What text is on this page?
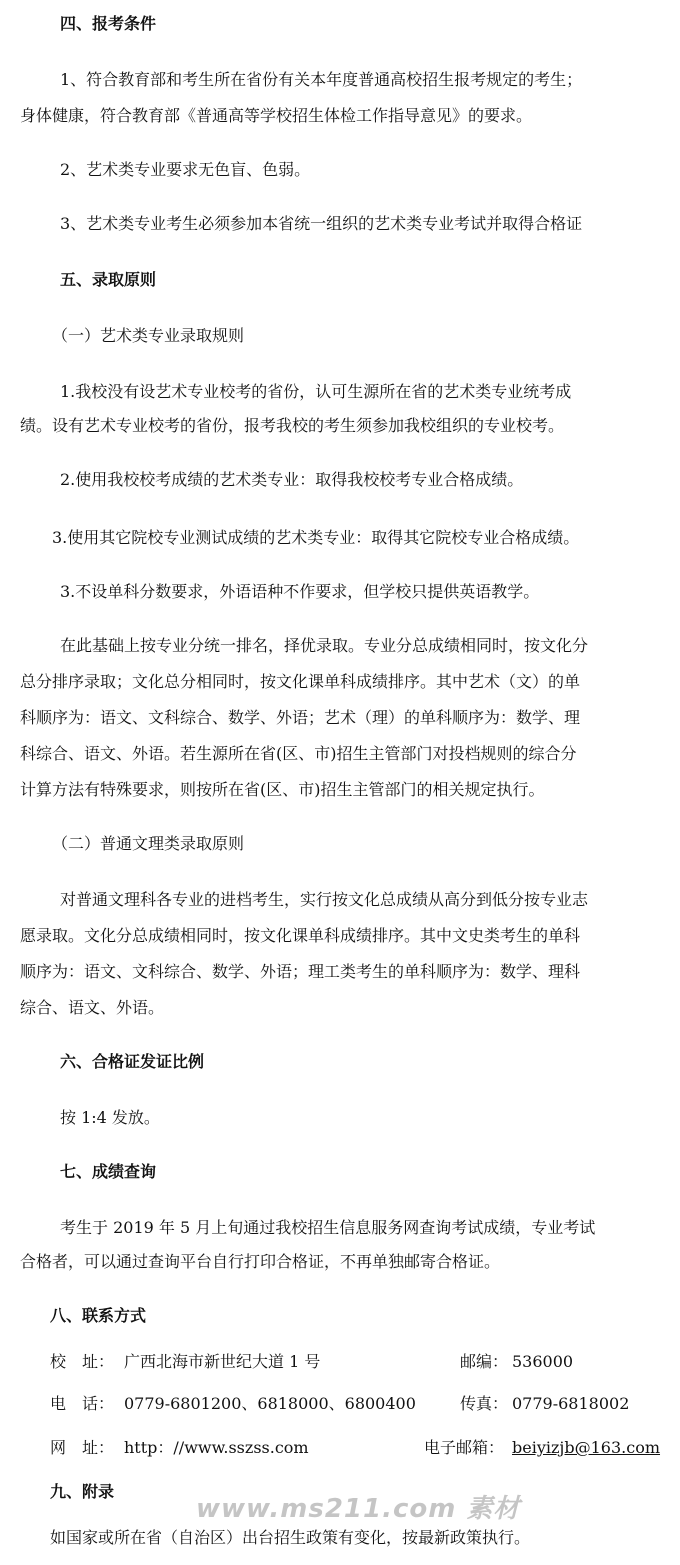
四、报考条件
1、符合教育部和考生所在省份有关本年度普通高校招生报考规定的考生；
身体健康，符合教育部《普通高等学校招生体检工作指导意见》的要求。
2、艺术类专业要求无色盲、色弱。
3、艺术类专业考生必须参加本省统一组织的艺术类专业考试并取得合格证
五、录取原则
（一）艺术类专业录取规则
1.我校没有设艺术专业校考的省份，认可生源所在省的艺术类专业统考成
绩。设有艺术专业校考的省份，报考我校的考生须参加我校组织的专业校考。
2.使用我校校考成绩的艺术类专业：取得我校校考专业合格成绩。
3.使用其它院校专业测试成绩的艺术类专业：取得其它院校专业合格成绩。
3.不设单科分数要求，外语语种不作要求，但学校只提供英语教学。
在此基础上按专业分统一排名，择优录取。专业分总成绩相同时，按文化分
总分排序录取；文化总分相同时，按文化课单科成绩排序。其中艺术（文）的单
科顺序为：语文、文科综合、数学、外语；艺术（理）的单科顺序为：数学、理
科综合、语文、外语。若生源所在省(区、市)招生主管部门对投档规则的综合分
计算方法有特殊要求，则按所在省(区、市)招生主管部门的相关规定执行。
（二）普通文理类录取原则
对普通文理科各专业的进档考生，实行按文化总成绩从高分到低分按专业志
愿录取。文化分总成绩相同时，按文化课单科成绩排序。其中文史类考生的单科
顺序为：语文、文科综合、数学、外语；理工类考生的单科顺序为：数学、理科
综合、语文、外语。
六、合格证发证比例
按 1:4 发放。
七、成绩查询
考生于 2019 年 5 月上旬通过我校招生信息服务网查询考试成绩，专业考试
合格者，可以通过查询平台自行打印合格证，不再单独邮寄合格证。
八、联系方式
校　址： 广西北海市新世纪大道 1 号	邮编： 536000
电　话： 0779-6801200、6818000、6800400	传真： 0779-6818002
网　址： http：//www.sszss.com	电子邮箱： beiyizjb@163.com
九、附录
如国家或所在省（自治区）出台招生政策有变化，按最新政策执行。
www.ms211.com 素材
